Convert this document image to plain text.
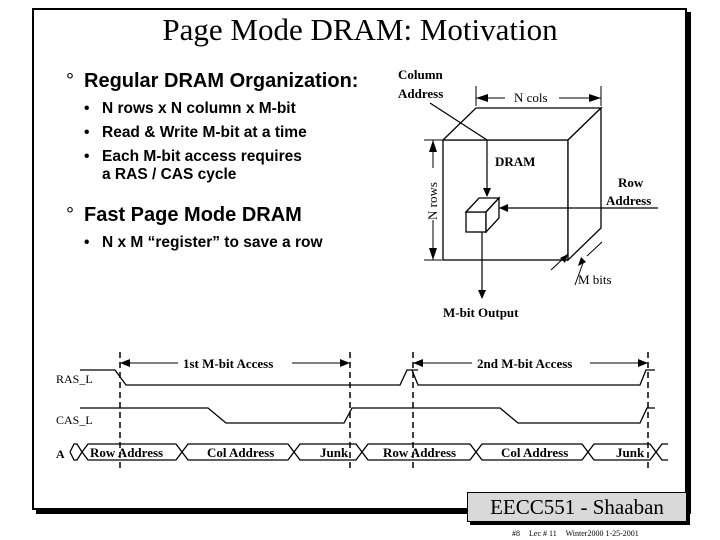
Page Mode DRAM: Motivation
° Regular DRAM Organization:
• N rows x N column x M-bit
• Read & Write M-bit at a time
• Each M-bit access requires
a RAS / CAS cycle
° Fast Page Mode DRAM
• N x M “register” to save a row
DRAM
Column
Address	N cols
N rows	Row
Address
M bits
M-bit Output
1st M-bit Access	2nd M-bit Access
RAS_L
CAS_L
A Row Address	Col Address	Junk	Row Address	Col Address	Junk
EECC551 - Shaaban
#8 Lec # 11 Winter2000 1-25-2001
